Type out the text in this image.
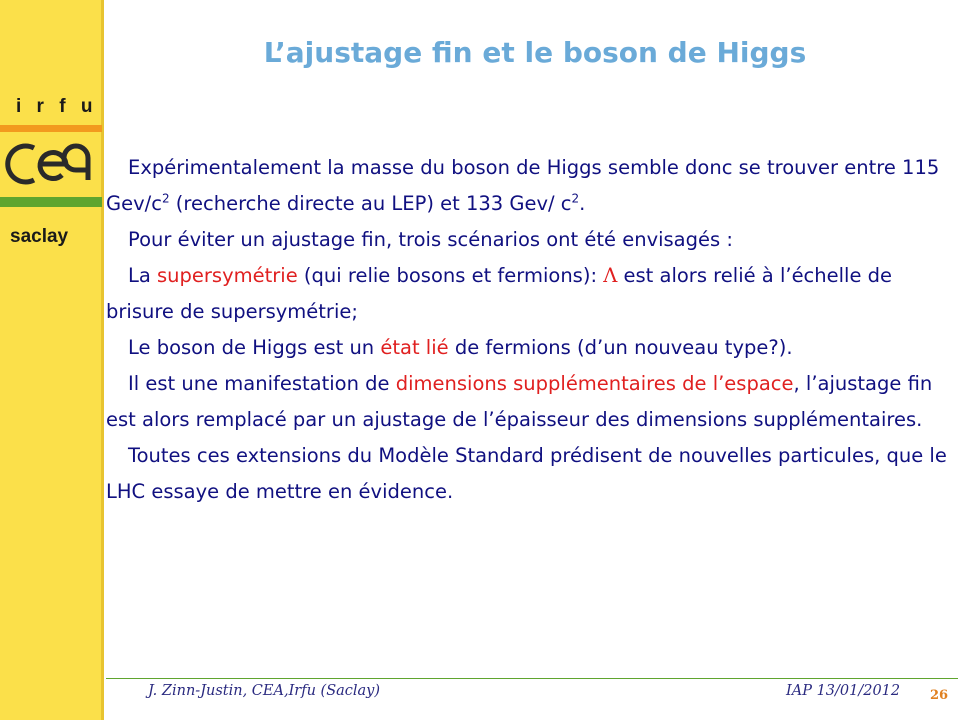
i r f u
saclay
L’ajustage fin et le boson de Higgs

Expérimentalement la masse du boson de Higgs semble donc se trouver entre 115 Gev/$c^2$ (recherche directe au LEP) et 133 Gev/ $c^2$.

Pour éviter un ajustage fin, trois scénarios ont été envisagés :

La supersymétrie (qui relie bosons et fermions): Λ est alors relié à l’échelle de brisure de supersymétrie;

Le boson de Higgs est un état lié de fermions (d’un nouveau type?).

Il est une manifestation de dimensions supplémentaires de l’espace, l’ajustage fin est alors remplacé par un ajustage de l’épaisseur des dimensions supplémentaires.

Toutes ces extensions du Modèle Standard prédisent de nouvelles particules, que le LHC essaye de mettre en évidence.

J. Zinn-Justin, CEA,Irfu (Saclay)	IAP 13/01/2012 26
